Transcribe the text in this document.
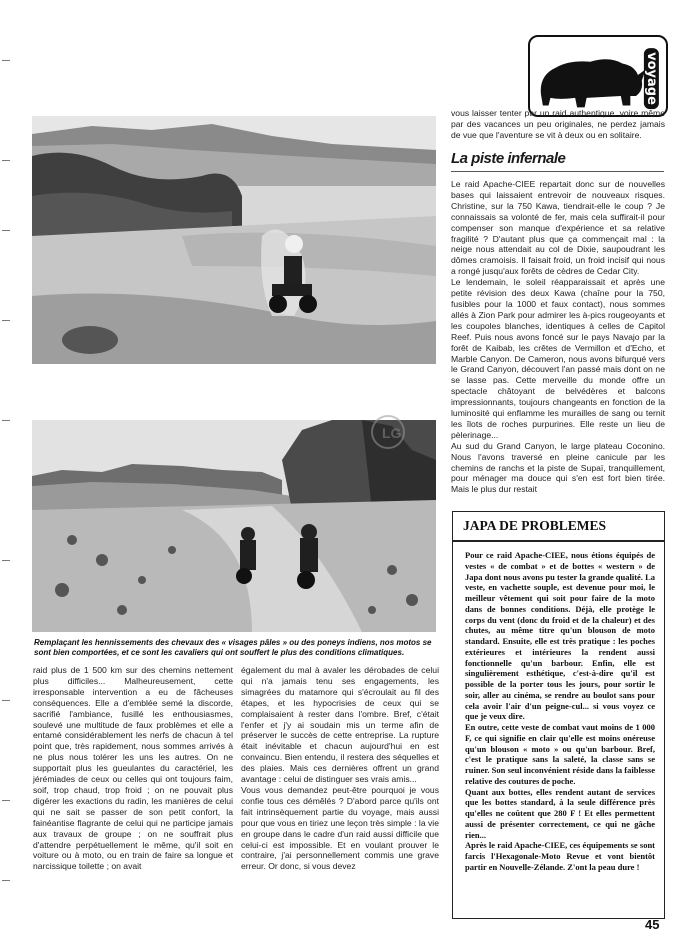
LG
Remplaçant les hennissements des chevaux des « visages pâles » ou des poneys indiens, nos motos se sont bien comportées, et ce sont les cavaliers qui ont souffert le plus des conditions climatiques.
raid plus de 1 500 km sur des chemins nettement plus difficiles... Malheureusement, cette irresponsable intervention a eu de fâcheuses conséquences. Elle a d'emblée semé la discorde, sacrifié l'ambiance, fusillé les enthousiasmes, soulevé une multitude de faux problèmes et elle a entamé considérablement les nerfs de chacun à tel point que, très rapidement, nous sommes arrivés à ne plus nous tolérer les uns les autres. On ne supportait plus les gueulantes du caractériel, les jérémiades de ceux ou celles qui ont toujours faim, soif, trop chaud, trop froid ; on ne pouvait plus digérer les exactions du radin, les manières de celui qui ne sait se passer de son petit confort, la fainéantise flagrante de celui qui ne participe jamais aux travaux de groupe ; on ne souffrait plus d'attendre perpétuellement le même, qu'il soit en voiture ou à moto, ou en train de faire sa longue et narcissique toilette ; on avait
également du mal à avaler les dérobades de celui qui n'a jamais tenu ses engagements, les simagrées du matamore qui s'écroulait au fil des étapes, et les hypocrisies de ceux qui se complaisaient à rester dans l'ombre. Bref, c'était l'enfer et j'y ai soudain mis un terme afin de préserver le succès de cette entreprise. La rupture était inévitable et chacun aujourd'hui en est convaincu. Bien entendu, il restera des séquelles et des plaies. Mais ces dernières offrent un grand avantage : celui de distinguer ses vrais amis...
Vous vous demandez peut-être pourquoi je vous confie tous ces démêlés ? D'abord parce qu'ils ont fait intrinsèquement partie du voyage, mais aussi pour que vous en tiriez une leçon très simple : la vie en groupe dans le cadre d'un raid aussi difficile que celui-ci est impossible. Et en voulant prouver le contraire, j'ai personnellement commis une grave erreur. Or donc, si vous devez
voyage
vous laisser tenter par un raid authentique, voire même par des vacances un peu originales, ne perdez jamais de vue que l'aventure se vit à deux ou en solitaire.
La piste infernale
Le raid Apache-CIEE repartait donc sur de nouvelles bases qui laissaient entrevoir de nouveaux risques. Christine, sur la 750 Kawa, tiendrait-elle le coup ? Je connaissais sa volonté de fer, mais cela suffirait-il pour compenser son manque d'expérience et sa relative fragilité ? D'autant plus que ça commençait mal : la neige nous attendait au col de Dixie, saupoudrant les dômes cramoisis. Il faisait froid, un froid incisif qui nous a rongé jusqu'aux forêts de cèdres de Cedar City.
Le lendemain, le soleil réapparaissait et après une petite révision des deux Kawa (chaîne pour la 750, fusibles pour la 1000 et faux contact), nous sommes allés à Zion Park pour admirer les à-pics rougeoyants et les coupoles blanches, identiques à celles de Capitol Reef. Puis nous avons foncé sur le pays Navajo par la forêt de Kaibab, les crêtes de Vermillon et d'Echo, et Marble Canyon. De Cameron, nous avons bifurqué vers le Grand Canyon, découvert l'an passé mais dont on ne se lasse pas. Cette merveille du monde offre un spectacle châtoyant de belvédères et balcons impressionnants, toujours changeants en fonction de la luminosité qui enflamme les murailles de sang ou ternit les îlots de roches purpurines. Elle reste un lieu de pèlerinage...
Au sud du Grand Canyon, le large plateau Coconino. Nous l'avons traversé en pleine canicule par les chemins de ranchs et la piste de Supaï, tranquillement, pour ménager ma douce qui s'en est fort bien tirée. Mais le plus dur restait
JAPA DE PROBLEMES
Pour ce raid Apache-CIEE, nous étions équipés de vestes « de combat » et de bottes « western » de Japa dont nous avons pu tester la grande qualité. La veste, en vachette souple, est devenue pour moi, le meilleur vêtement qui soit pour faire de la moto dans de bonnes conditions. Déjà, elle protège le corps du vent (donc du froid et de la chaleur) et des chutes, au même titre qu'un blouson de moto standard. Ensuite, elle est très pratique : les poches extérieures et intérieures la rendent aussi fonctionnelle qu'un barbour. Enfin, elle est singulièrement esthétique, c'est-à-dire qu'il est possible de la porter tous les jours, pour sortir le soir, aller au cinéma, se rendre au boulot sans pour cela avoir l'air d'un peigne-cul... si vous voyez ce que je veux dire.
En outre, cette veste de combat vaut moins de 1 000 F, ce qui signifie en clair qu'elle est moins onéreuse qu'un blouson « moto » ou qu'un barbour. Bref, c'est le pratique sans la saleté, la classe sans se ruiner. Son seul inconvénient réside dans la faiblesse relative des coutures de poche.
Quant aux bottes, elles rendent autant de services que les bottes standard, à la seule différence près qu'elles ne coûtent que 280 F ! Et elles permettent aussi de présenter correctement, ce qui ne gâche rien...
Après le raid Apache-CIEE, ces équipements se sont farcis l'Hexagonale-Moto Revue et vont bientôt partir en Nouvelle-Zélande. Z'ont la peau dure !
45
